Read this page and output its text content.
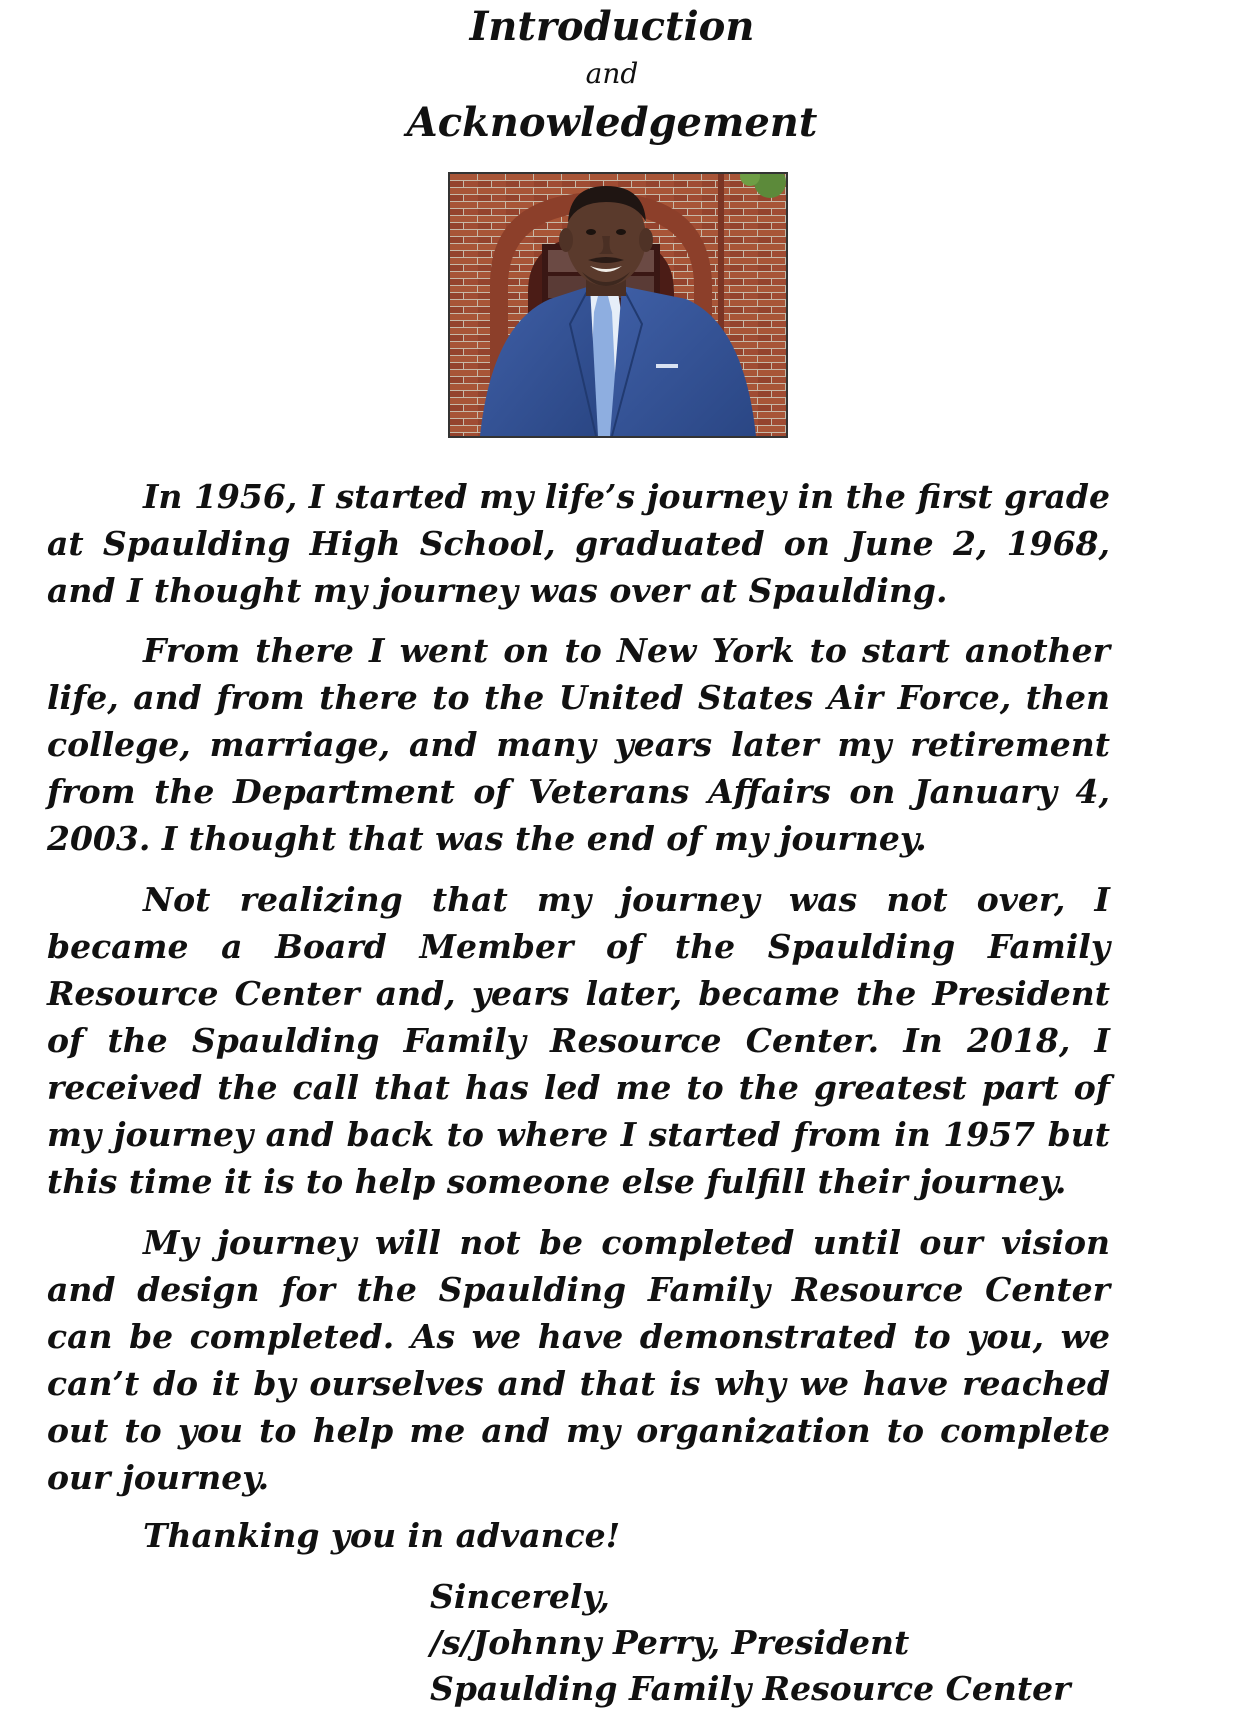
Introduction
and
Acknowledgement

In 1956, I started my life’s journey in the first grade at Spaulding High School, graduated on June 2, 1968, and I thought my journey was over at Spaulding.

From there I went on to New York to start another life, and from there to the United States Air Force, then college, marriage, and many years later my retirement from the Department of Veterans Affairs on January 4, 2003. I thought that was the end of my journey.

Not realizing that my journey was not over, I became a Board Member of the Spaulding Family Resource Center and, years later, became the President of the Spaulding Family Resource Center. In 2018, I received the call that has led me to the greatest part of my journey and back to where I started from in 1957 but this time it is to help someone else fulfill their journey.

My journey will not be completed until our vision and design for the Spaulding Family Resource Center can be completed. As we have demonstrated to you, we can’t do it by ourselves and that is why we have reached out to you to help me and my organization to complete our journey.

Thanking you in advance!

Sincerely,
/s/Johnny Perry, President
Spaulding Family Resource Center
